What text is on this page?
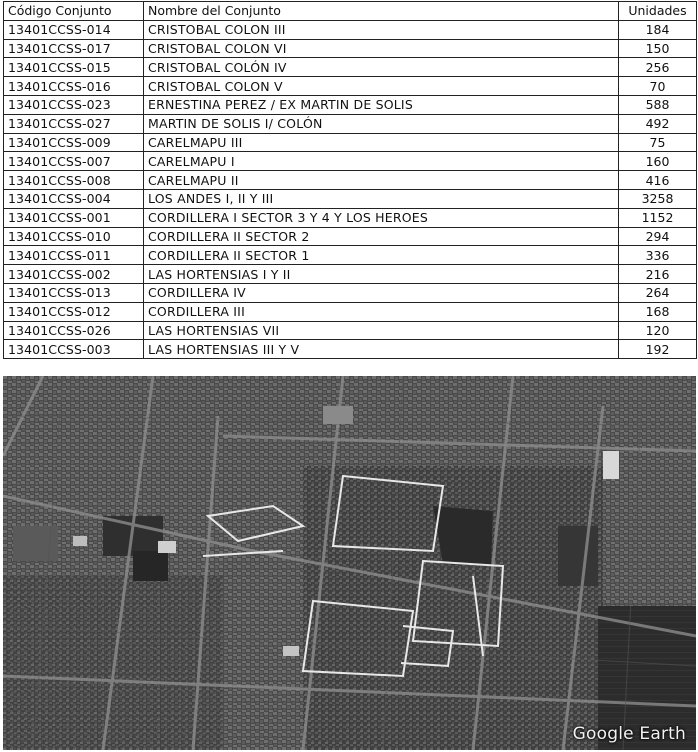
Código Conjunto	Nombre del Conjunto	Unidades
13401CCSS-014	CRISTOBAL COLON III	184
13401CCSS-017	CRISTOBAL COLON VI	150
13401CCSS-015	CRISTOBAL COLÓN IV	256
13401CCSS-016	CRISTOBAL COLON V	70
13401CCSS-023	ERNESTINA PEREZ / EX MARTIN DE SOLIS	588
13401CCSS-027	MARTIN DE SOLIS I/ COLÓN	492
13401CCSS-009	CARELMAPU III	75
13401CCSS-007	CARELMAPU I	160
13401CCSS-008	CARELMAPU II	416
13401CCSS-004	LOS ANDES I, II Y III	3258
13401CCSS-001	CORDILLERA I SECTOR 3 Y 4 Y LOS HEROES	1152
13401CCSS-010	CORDILLERA II SECTOR 2	294
13401CCSS-011	CORDILLERA II SECTOR 1	336
13401CCSS-002	LAS HORTENSIAS I Y II	216
13401CCSS-013	CORDILLERA IV	264
13401CCSS-012	CORDILLERA III	168
13401CCSS-026	LAS HORTENSIAS VII	120
13401CCSS-003	LAS HORTENSIAS III Y V	192
Google Earth
